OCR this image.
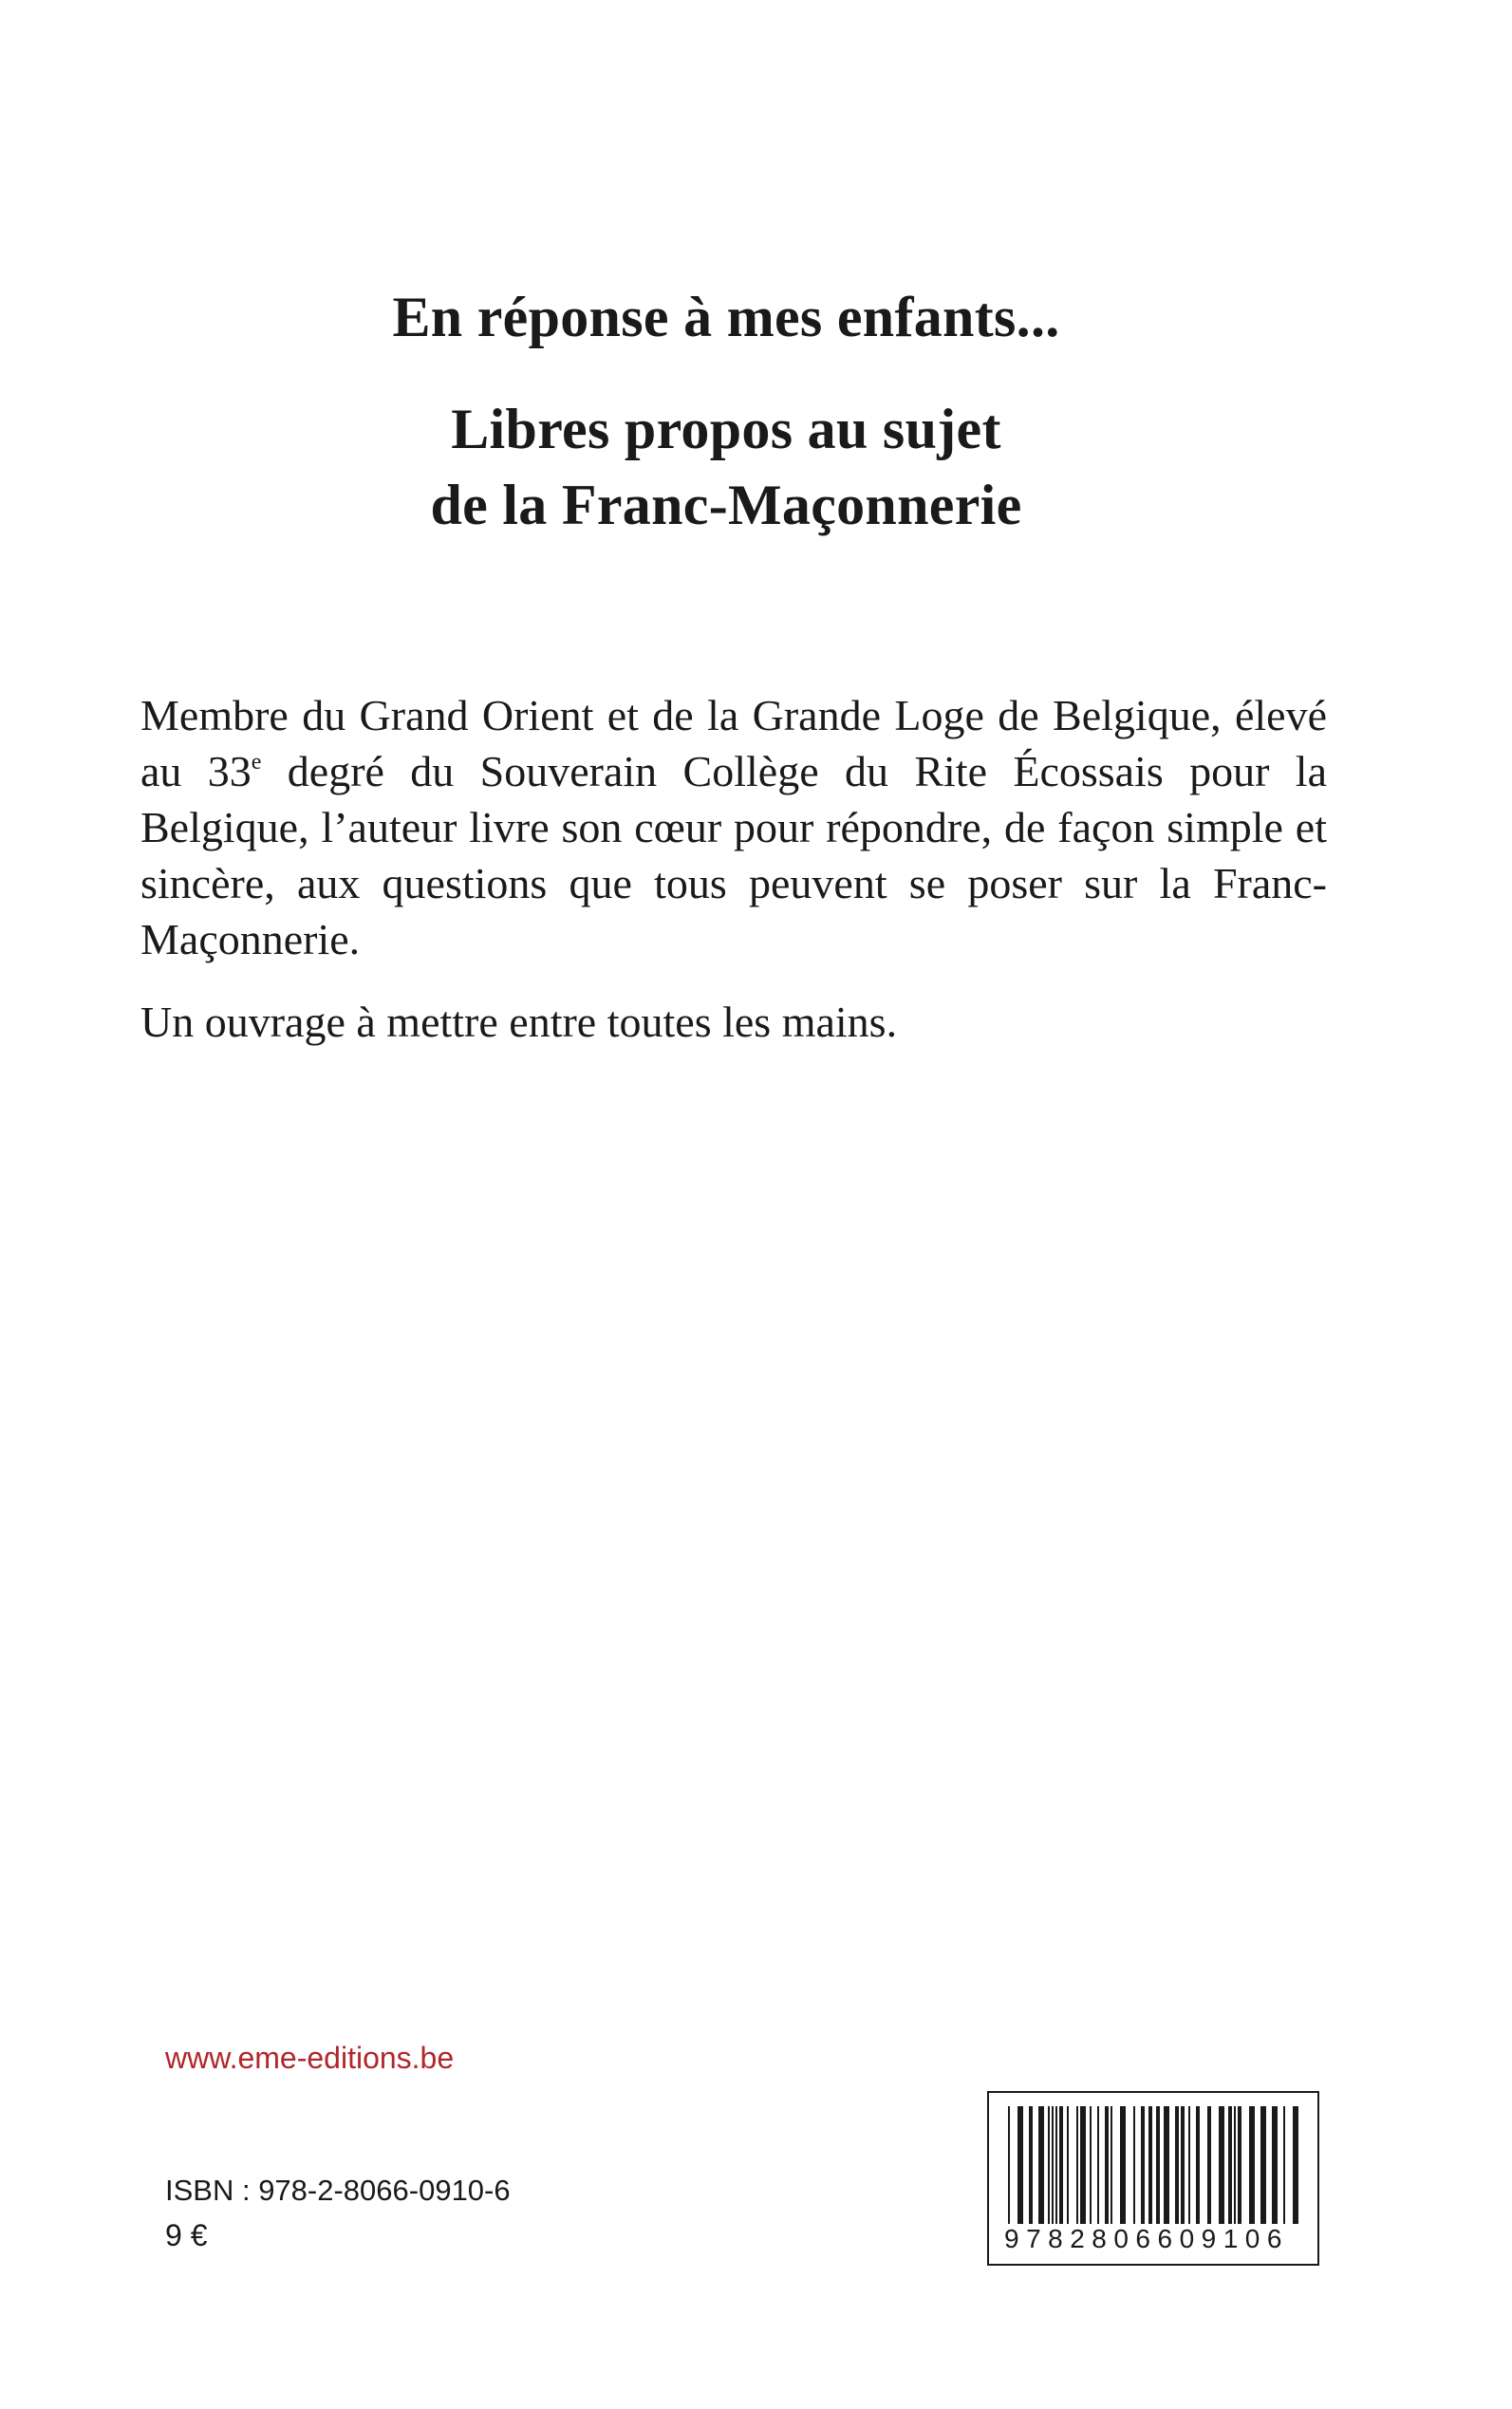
En réponse à mes enfants...
Libres propos au sujet
de la Franc-Maçonnerie
Membre du Grand Orient et de la Grande Loge de Belgique, élevé au 33e degré du Souverain Collège du Rite Écossais pour la Belgique, l’auteur livre son cœur pour répondre, de façon simple et sincère, aux questions que tous peuvent se poser sur la Franc-Maçonnerie.
Un ouvrage à mettre entre toutes les mains.
www.eme-editions.be
ISBN : 978-2-8066-0910-6
9 €	9782806609106
